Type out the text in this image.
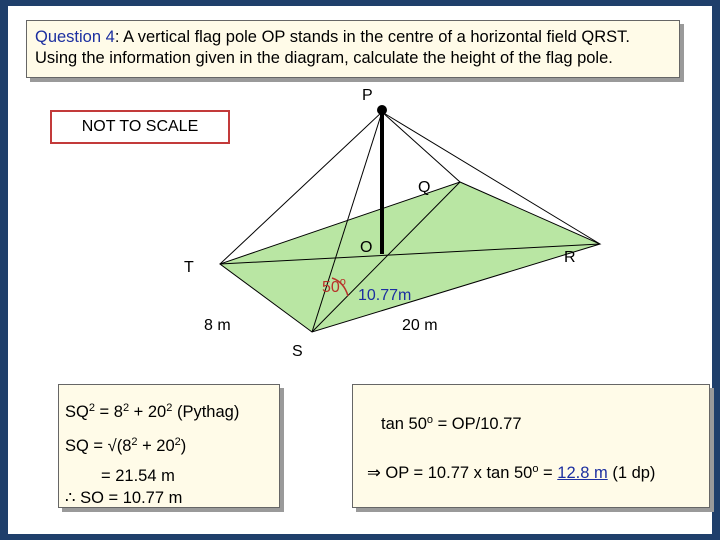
Question 4: A vertical flag pole OP stands in the centre of a horizontal field QRST.
Using the information given in the diagram, calculate the height of the flag pole.
NOT TO SCALE
P
Q
O
R
T
S
50$^o$
10.77m
8 m	20 m
$SQ^2 = 8^2 + 20^2$ (Pythag)
SQ = $√(8^2 + 20^2)$
= 21.54 m
∴ SO = 10.77 m
$\tan 50^o = OP/10.77$
⇒ OP = 10.77 x $\tan 50^o = 12.8$ m (1 dp)
